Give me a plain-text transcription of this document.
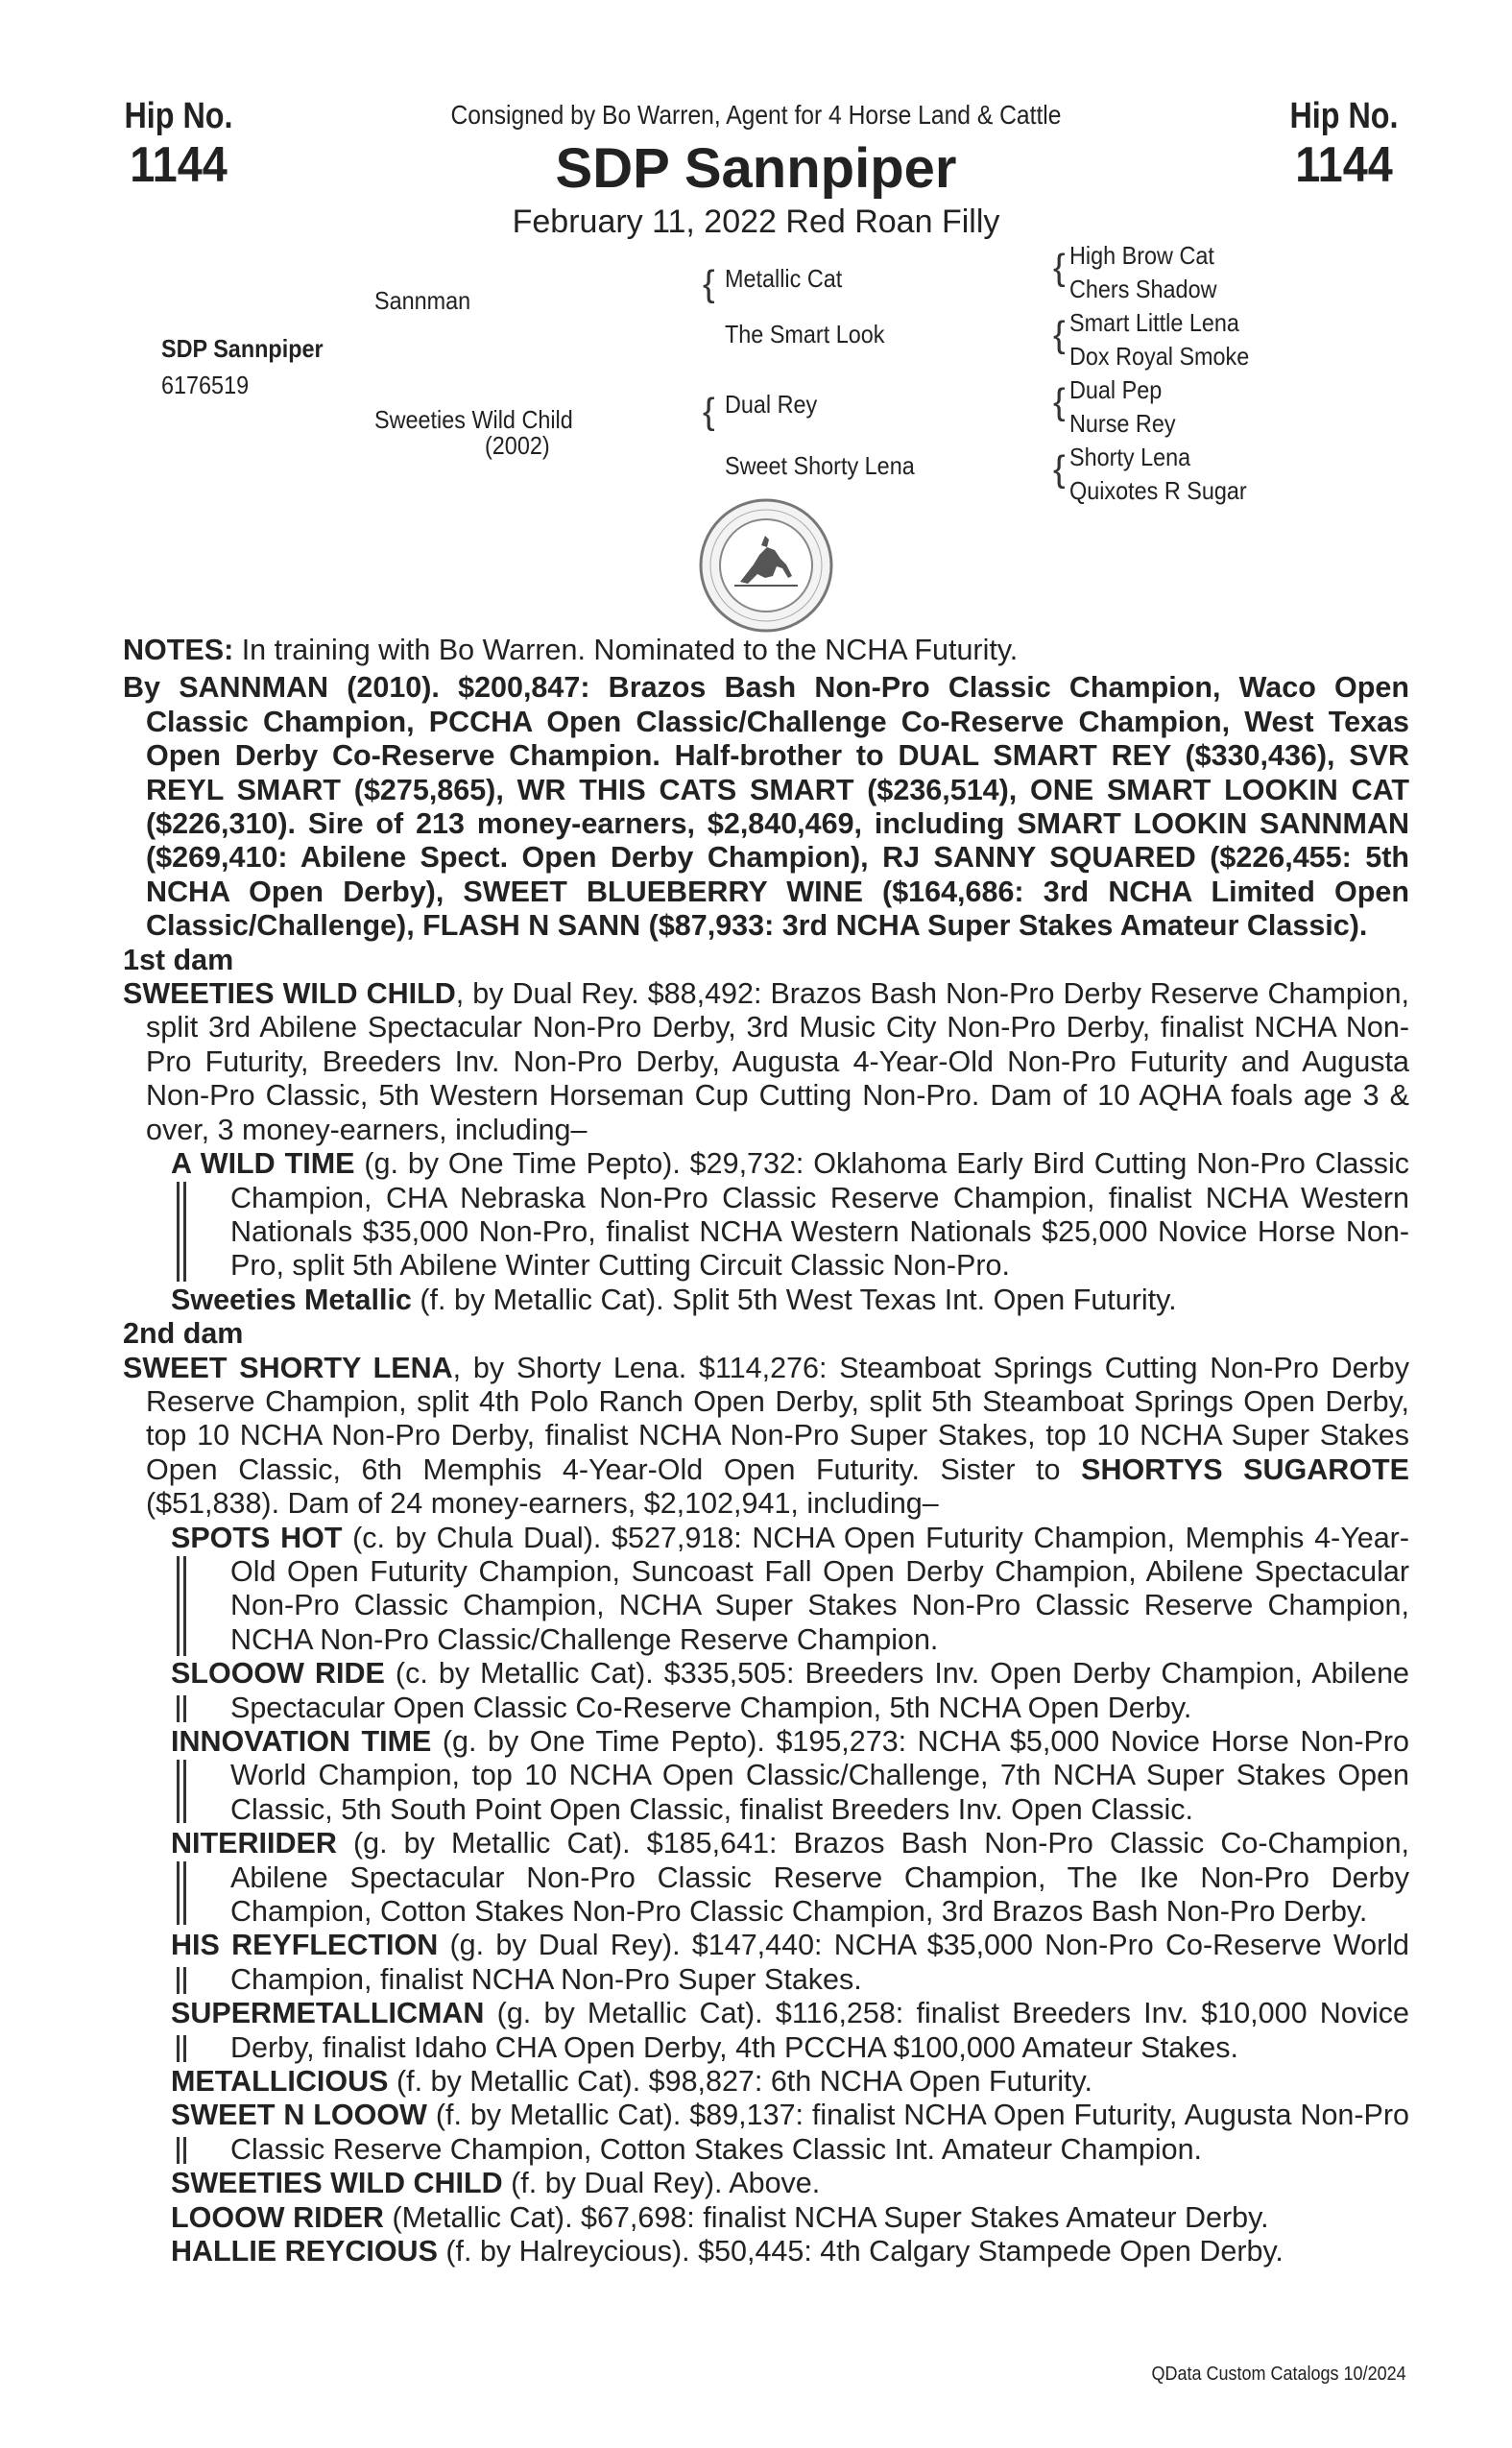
Hip No.
1144
Hip No.
1144
Consigned by Bo Warren, Agent for 4 Horse Land & Cattle
SDP Sannpiper
February 11, 2022 Red Roan Filly
SDP Sannpiper
6176519
Sannman
Sweeties Wild Child
(2002)
{ Metallic Cat
The Smart Look
{ Dual Rey
Sweet Shorty Lena
{ High Brow Cat
Chers Shadow
{ Smart Little Lena
Dox Royal Smoke
{ Dual Pep
Nurse Rey
{ Shorty Lena
Quixotes R Sugar

NOTES: In training with Bo Warren. Nominated to the NCHA Futurity.

By SANNMAN (2010). $200,847: Brazos Bash Non-Pro Classic Champion, Waco Open Classic Champion, PCCHA Open Classic/Challenge Co-Reserve Champion, West Texas Open Derby Co-Reserve Champion. Half-brother to DUAL SMART REY ($330,436), SVR REYL SMART ($275,865), WR THIS CATS SMART ($236,514), ONE SMART LOOKIN CAT ($226,310). Sire of 213 money-earners, $2,840,469, including SMART LOOKIN SANNMAN ($269,410: Abilene Spect. Open Derby Champion), RJ SANNY SQUARED ($226,455: 5th NCHA Open Derby), SWEET BLUEBERRY WINE ($164,686: 3rd NCHA Limited Open Classic/Challenge), FLASH N SANN ($87,933: 3rd NCHA Super Stakes Amateur Classic).

1st dam

SWEETIES WILD CHILD, by Dual Rey. $88,492: Brazos Bash Non-Pro Derby Reserve Champion, split 3rd Abilene Spectacular Non-Pro Derby, 3rd Music City Non-Pro Derby, finalist NCHA Non-Pro Futurity, Breeders Inv. Non-Pro Derby, Augusta 4-Year-Old Non-Pro Futurity and Augusta Non-Pro Classic, 5th Western Horseman Cup Cutting Non-Pro. Dam of 10 AQHA foals age 3 & over, 3 money-earners, including–

A WILD TIME (g. by One Time Pepto). $29,732: Oklahoma Early Bird Cutting Non-Pro Classic Champion, CHA Nebraska Non-Pro Classic Reserve Champion, finalist NCHA Western Nationals $35,000 Non-Pro, finalist NCHA Western Nationals $25,000 Novice Horse Non-Pro, split 5th Abilene Winter Cutting Circuit Classic Non-Pro.
Sweeties Metallic (f. by Metallic Cat). Split 5th West Texas Int. Open Futurity.

2nd dam

SWEET SHORTY LENA, by Shorty Lena. $114,276: Steamboat Springs Cutting Non-Pro Derby Reserve Champion, split 4th Polo Ranch Open Derby, split 5th Steamboat Springs Open Derby, top 10 NCHA Non-Pro Derby, finalist NCHA Non-Pro Super Stakes, top 10 NCHA Super Stakes Open Classic, 6th Memphis 4-Year-Old Open Futurity. Sister to SHORTYS SUGAROTE ($51,838). Dam of 24 money-earners, $2,102,941, including–

SPOTS HOT (c. by Chula Dual). $527,918: NCHA Open Futurity Champion, Memphis 4-Year-Old Open Futurity Champion, Suncoast Fall Open Derby Champion, Abilene Spectacular Non-Pro Classic Champion, NCHA Super Stakes Non-Pro Classic Reserve Champion, NCHA Non-Pro Classic/Challenge Reserve Champion.
SLOOOW RIDE (c. by Metallic Cat). $335,505: Breeders Inv. Open Derby Champion, Abilene Spectacular Open Classic Co-Reserve Champion, 5th NCHA Open Derby.
INNOVATION TIME (g. by One Time Pepto). $195,273: NCHA $5,000 Novice Horse Non-Pro World Champion, top 10 NCHA Open Classic/Challenge, 7th NCHA Super Stakes Open Classic, 5th South Point Open Classic, finalist Breeders Inv. Open Classic.
NITERIIDER (g. by Metallic Cat). $185,641: Brazos Bash Non-Pro Classic Co-Champion, Abilene Spectacular Non-Pro Classic Reserve Champion, The Ike Non-Pro Derby Champion, Cotton Stakes Non-Pro Classic Champion, 3rd Brazos Bash Non-Pro Derby.
HIS REYFLECTION (g. by Dual Rey). $147,440: NCHA $35,000 Non-Pro Co-Reserve World Champion, finalist NCHA Non-Pro Super Stakes.
SUPERMETALLICMAN (g. by Metallic Cat). $116,258: finalist Breeders Inv. $10,000 Novice Derby, finalist Idaho CHA Open Derby, 4th PCCHA $100,000 Amateur Stakes.
METALLICIOUS (f. by Metallic Cat). $98,827: 6th NCHA Open Futurity.
SWEET N LOOOW (f. by Metallic Cat). $89,137: finalist NCHA Open Futurity, Augusta Non-Pro Classic Reserve Champion, Cotton Stakes Classic Int. Amateur Champion.
SWEETIES WILD CHILD (f. by Dual Rey). Above.
LOOOW RIDER (Metallic Cat). $67,698: finalist NCHA Super Stakes Amateur Derby.
HALLIE REYCIOUS (f. by Halreycious). $50,445: 4th Calgary Stampede Open Derby.
QData Custom Catalogs 10/2024
